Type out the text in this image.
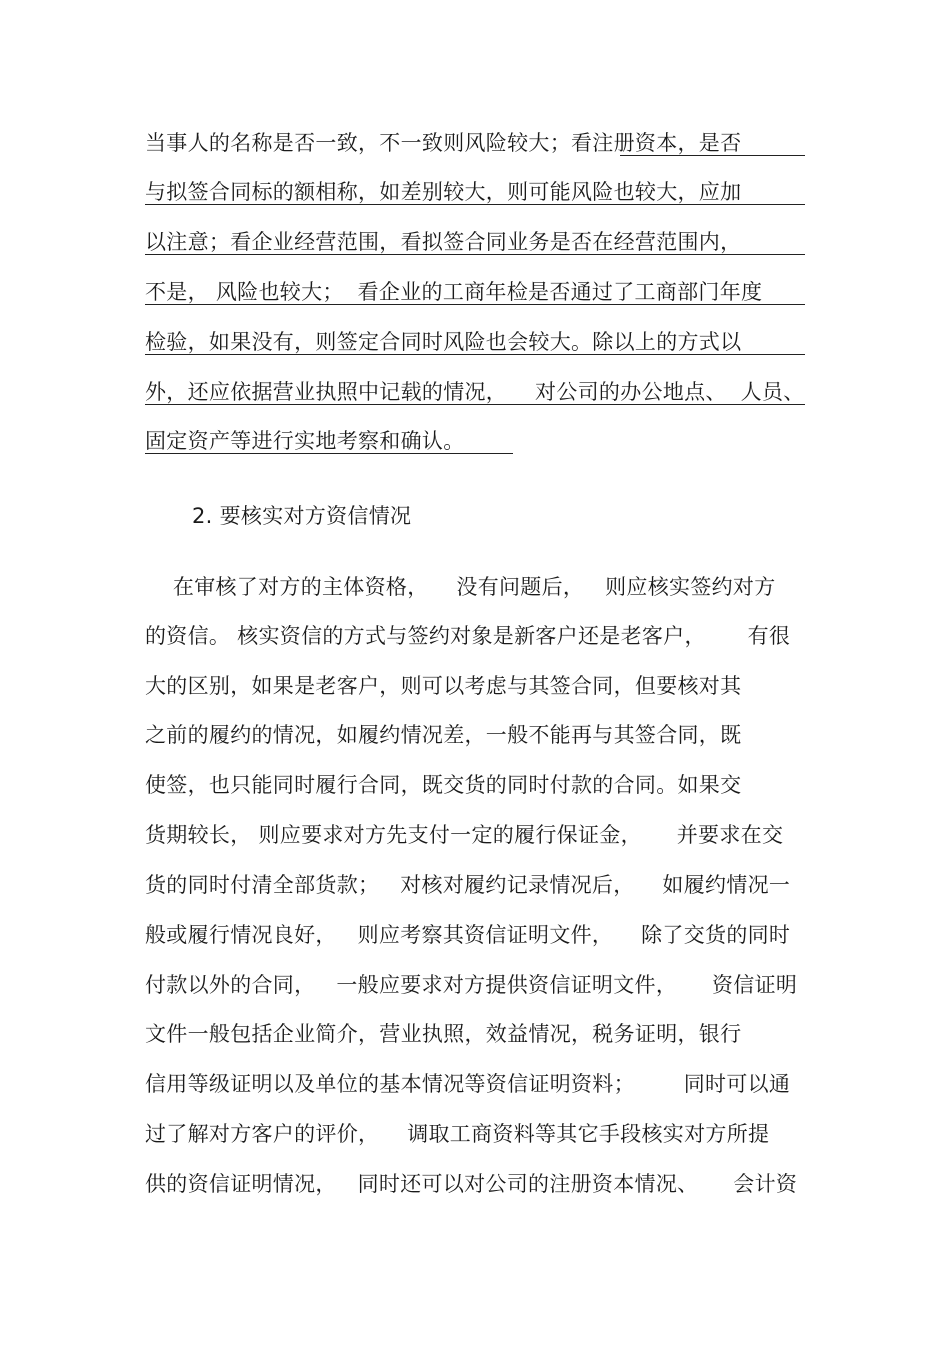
当事人的名称是否一致，不一致则风险较大；看注册资本，是否
与拟签合同标的额相称，如差别较大，则可能风险也较大，应加
以注意；看企业经营范围，看拟签合同业务是否在经营范围内，
不是， 风险也较大；  看企业的工商年检是否通过了工商部门年度
检验，如果没有，则签定合同时风险也会较大。除以上的方式以
外，还应依据营业执照中记载的情况，    对公司的办公地点、  人员、
固定资产等进行实地考察和确认。
2. 要核实对方资信情况
在审核了对方的主体资格，    没有问题后，   则应核实签约对方
的资信。 核实资信的方式与签约对象是新客户还是老客户，      有很
大的区别，如果是老客户，则可以考虑与其签合同，但要核对其
之前的履约的情况，如履约情况差，一般不能再与其签合同，既
使签，也只能同时履行合同，既交货的同时付款的合同。如果交
货期较长， 则应要求对方先支付一定的履行保证金，     并要求在交
货的同时付清全部货款；   对核对履约记录情况后，    如履约情况一
般或履行情况良好，   则应考察其资信证明文件，    除了交货的同时
付款以外的合同，   一般应要求对方提供资信证明文件，     资信证明
文件一般包括企业简介，营业执照，效益情况，税务证明，银行
信用等级证明以及单位的基本情况等资信证明资料；       同时可以通
过了解对方客户的评价，    调取工商资料等其它手段核实对方所提
供的资信证明情况，   同时还可以对公司的注册资本情况、     会计资
